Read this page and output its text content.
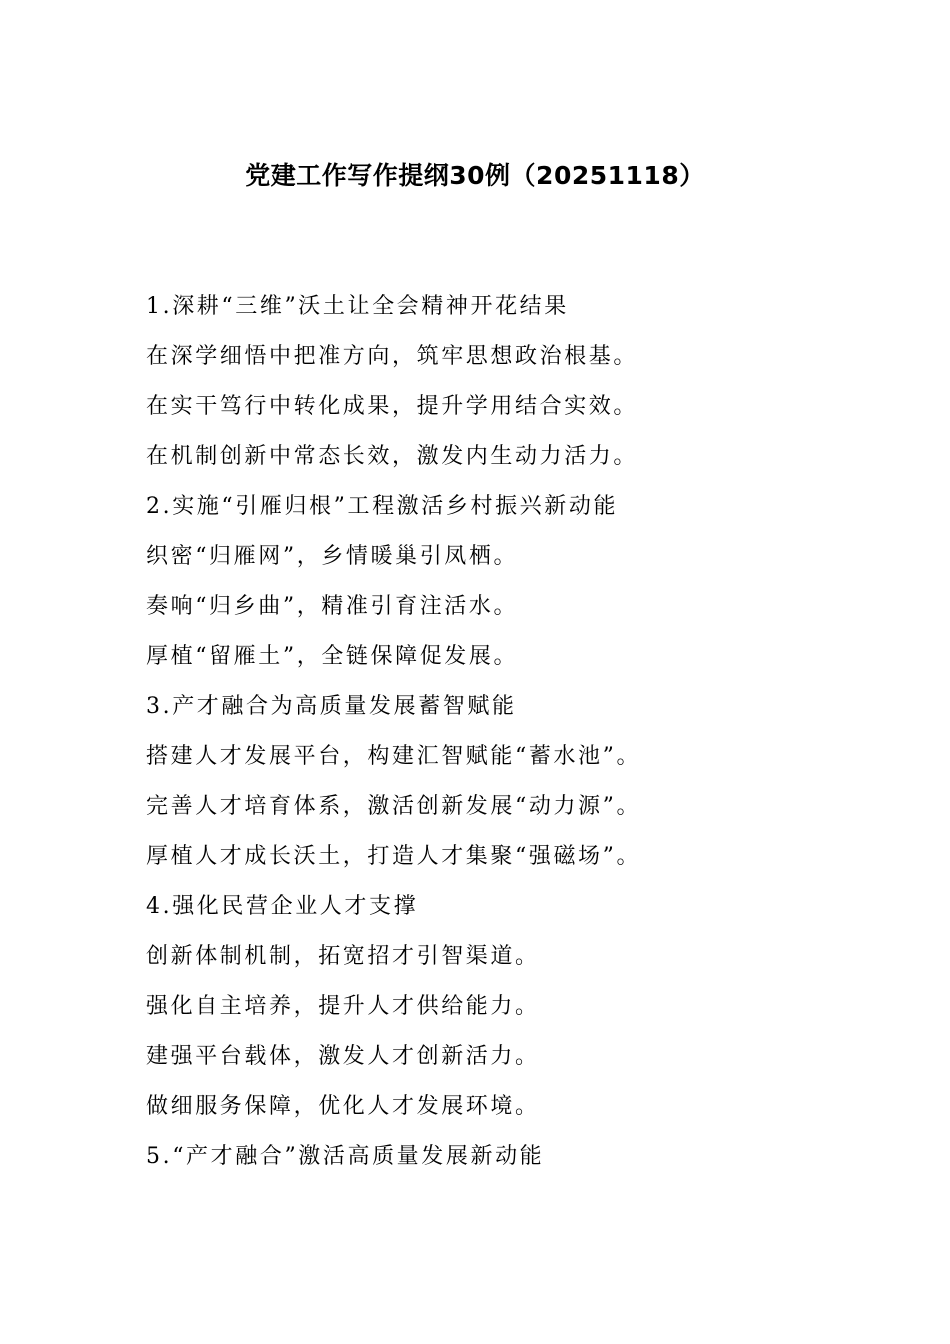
党建工作写作提纲30例（20251118）
1.深耕“三维”沃土让全会精神开花结果
在深学细悟中把准方向，筑牢思想政治根基。
在实干笃行中转化成果，提升学用结合实效。
在机制创新中常态长效，激发内生动力活力。
2.实施“引雁归根”工程激活乡村振兴新动能
织密“归雁网”，乡情暖巢引凤栖。
奏响“归乡曲”，精准引育注活水。
厚植“留雁土”，全链保障促发展。
3.产才融合为高质量发展蓄智赋能
搭建人才发展平台，构建汇智赋能“蓄水池”。
完善人才培育体系，激活创新发展“动力源”。
厚植人才成长沃土，打造人才集聚“强磁场”。
4.强化民营企业人才支撑
创新体制机制，拓宽招才引智渠道。
强化自主培养，提升人才供给能力。
建强平台载体，激发人才创新活力。
做细服务保障，优化人才发展环境。
5.“产才融合”激活高质量发展新动能
